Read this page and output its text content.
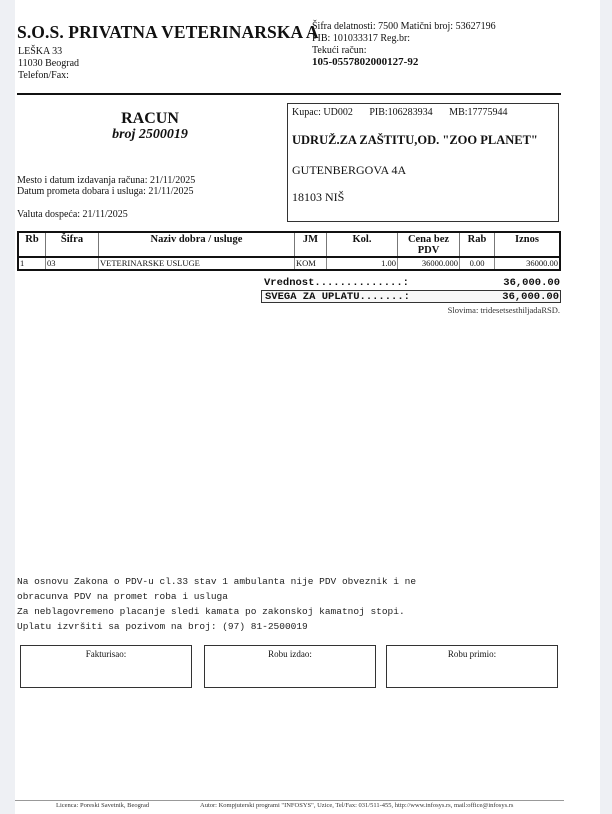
S.O.S. PRIVATNA VETERINARSKA A
LEŠKA 33
11030 Beograd
Telefon/Fax:
Šifra delatnosti: 7500 Matični broj: 53627196
PIB: 101033317 Reg.br:
Tekući račun:
105-0557802000127-92
RACUN
broj 2500019
Mesto i datum izdavanja računa: 21/11/2025
Datum prometa dobara i usluga: 21/11/2025
Valuta dospeća: 21/11/2025
Kupac: UD002 PIB:106283934 MB:17775944
UDRUŽ.ZA ZAŠTITU,OD. "ZOO PLANET"
GUTENBERGOVA 4A
18103 NIŠ
Rb	Šifra	Naziv dobra / usluge	JM	Kol.	Cena bez PDV	Rab	Iznos
1	03	VETERINARSKE USLUGE	KOM	1.00	36000.000	0.00	36000.00
Vrednost..............:	36,000.00
SVEGA ZA UPLATU.......:	36,000.00
Slovima: tridesetsesthiljadaRSD.
Na osnovu Zakona o PDV-u cl.33 stav 1 ambulanta nije PDV obveznik i ne
obracunva PDV na promet roba i usluga
Za neblagovremeno placanje sledi kamata po zakonskoj kamatnoj stopi.
Uplatu izvršiti sa pozivom na broj: (97) 81-2500019
Fakturisao:	Robu izdao:	Robu primio:
Licenca: Poreski Savetnik, Beograd	Autor: Kompjuterski programi "INFOSYS", Uzice, Tel/Fax: 031/511-455, http://www.infosys.rs, mail:office@infosys.rs
